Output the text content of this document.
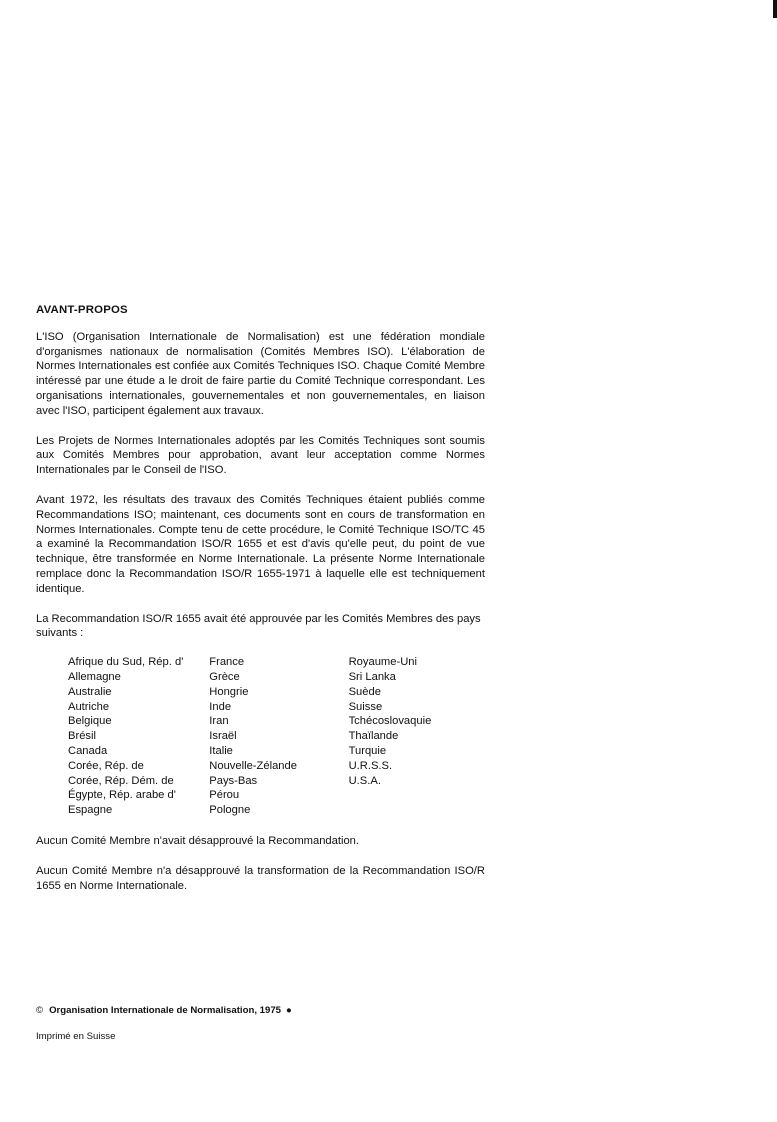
AVANT-PROPOS

L'ISO (Organisation Internationale de Normalisation) est une fédération mondiale d'organismes nationaux de normalisation (Comités Membres ISO). L'élaboration de Normes Internationales est confiée aux Comités Techniques ISO. Chaque Comité Membre intéressé par une étude a le droit de faire partie du Comité Technique correspondant. Les organisations internationales, gouvernementales et non gouvernementales, en liaison avec l'ISO, participent également aux travaux.

Les Projets de Normes Internationales adoptés par les Comités Techniques sont soumis aux Comités Membres pour approbation, avant leur acceptation comme Normes Internationales par le Conseil de l'ISO.

Avant 1972, les résultats des travaux des Comités Techniques étaient publiés comme Recommandations ISO; maintenant, ces documents sont en cours de transformation en Normes Internationales. Compte tenu de cette procédure, le Comité Technique ISO/TC 45 a examiné la Recommandation ISO/R 1655 et est d'avis qu'elle peut, du point de vue technique, être transformée en Norme Internationale. La présente Norme Internationale remplace donc la Recommandation ISO/R 1655-1971 à laquelle elle est techniquement identique.

La Recommandation ISO/R 1655 avait été approuvée par les Comités Membres des pays suivants :

Afrique du Sud, Rép. d'
Allemagne
Australie
Autriche
Belgique
Brésil
Canada
Corée, Rép. de
Corée, Rép. Dém. de
Égypte, Rép. arabe d'
Espagne
France
Grèce
Hongrie
Inde
Iran
Israël
Italie
Nouvelle-Zélande
Pays-Bas
Pérou
Pologne
Royaume-Uni
Sri Lanka
Suède
Suisse
Tchécoslovaquie
Thaïlande
Turquie
U.R.S.S.
U.S.A.

Aucun Comité Membre n'avait désapprouvé la Recommandation.

Aucun Comité Membre n'a désapprouvé la transformation de la Recommandation ISO/R 1655 en Norme Internationale.

© Organisation Internationale de Normalisation, 1975 ●
Imprimé en Suisse
